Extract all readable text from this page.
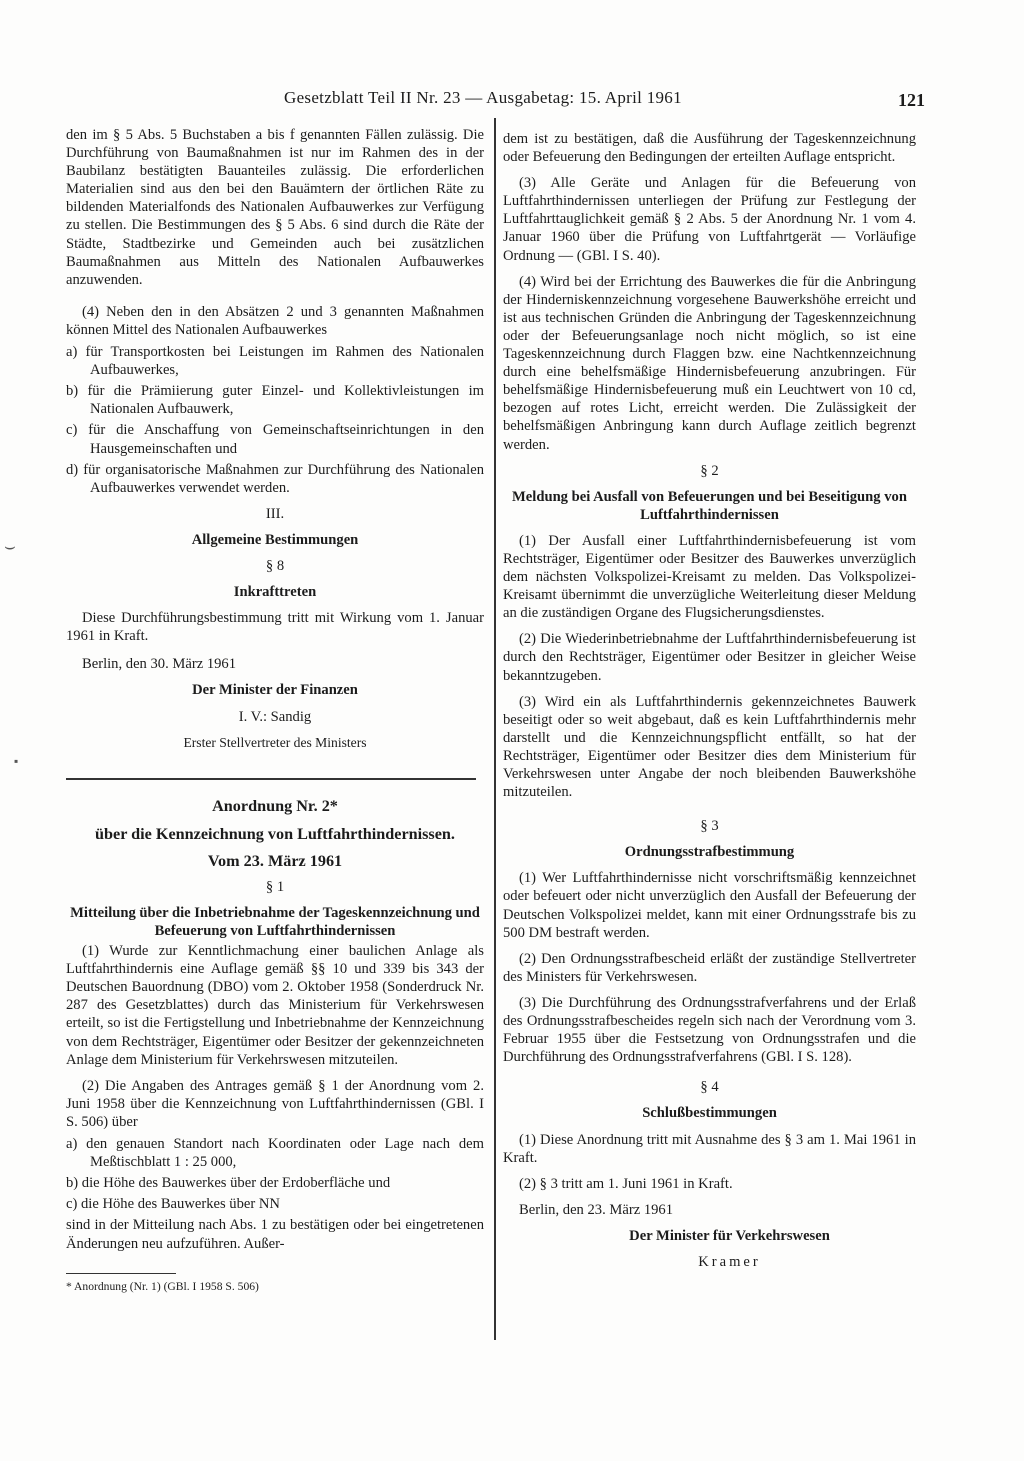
Gesetzblatt Teil II Nr. 23 — Ausgabetag: 15. April 1961	121
⌣
▪

den im § 5 Abs. 5 Buchstaben a bis f genannten Fällen zulässig. Die Durchführung von Baumaßnahmen ist nur im Rahmen des in der Baubilanz bestätigten Bauanteiles zulässig. Die erforderlichen Materialien sind aus den bei den Bauämtern der örtlichen Räte zu bildenden Materialfonds des Nationalen Aufbauwerkes zur Verfügung zu stellen. Die Bestimmungen des § 5 Abs. 6 sind durch die Räte der Städte, Stadtbezirke und Gemeinden auch bei zusätzlichen Baumaßnahmen aus Mitteln des Nationalen Aufbauwerkes anzuwenden.

(4) Neben den in den Absätzen 2 und 3 genannten Maßnahmen können Mittel des Nationalen Aufbauwerkes

a) für Transportkosten bei Leistungen im Rahmen des Nationalen Aufbauwerkes,
b) für die Prämiierung guter Einzel- und Kollektivleistungen im Nationalen Aufbauwerk,
c) für die Anschaffung von Gemeinschaftseinrichtungen in den Hausgemeinschaften und
d) für organisatorische Maßnahmen zur Durchführung des Nationalen Aufbauwerkes verwendet werden.

III.

Allgemeine Bestimmungen

§ 8

Inkrafttreten

Diese Durchführungsbestimmung tritt mit Wirkung vom 1. Januar 1961 in Kraft.

Berlin, den 30. März 1961

Der Minister der Finanzen

I. V.: Sandig

Erster Stellvertreter des Ministers

Anordnung Nr. 2*

über die Kennzeichnung von Luftfahrthindernissen.

Vom 23. März 1961

§ 1

Mitteilung über die Inbetriebnahme der Tageskennzeichnung und Befeuerung von Luftfahrthindernissen

(1) Wurde zur Kenntlichmachung einer baulichen Anlage als Luftfahrthindernis eine Auflage gemäß §§ 10 und 339 bis 343 der Deutschen Bauordnung (DBO) vom 2. Oktober 1958 (Sonderdruck Nr. 287 des Gesetzblattes) durch das Ministerium für Verkehrswesen erteilt, so ist die Fertigstellung und Inbetriebnahme der Kennzeichnung von dem Rechtsträger, Eigentümer oder Besitzer der gekennzeichneten Anlage dem Ministerium für Verkehrswesen mitzuteilen.

(2) Die Angaben des Antrages gemäß § 1 der Anordnung vom 2. Juni 1958 über die Kennzeichnung von Luftfahrthindernissen (GBl. I S. 506) über

a) den genauen Standort nach Koordinaten oder Lage nach dem Meßtischblatt 1 : 25 000,
b) die Höhe des Bauwerkes über der Erdoberfläche und
c) die Höhe des Bauwerkes über NN

sind in der Mitteilung nach Abs. 1 zu bestätigen oder bei eingetretenen Änderungen neu aufzuführen. Außer-

* Anordnung (Nr. 1) (GBl. I 1958 S. 506)

dem ist zu bestätigen, daß die Ausführung der Tageskennzeichnung oder Befeuerung den Bedingungen der erteilten Auflage entspricht.

(3) Alle Geräte und Anlagen für die Befeuerung von Luftfahrthindernissen unterliegen der Prüfung zur Festlegung der Luftfahrttauglichkeit gemäß § 2 Abs. 5 der Anordnung Nr. 1 vom 4. Januar 1960 über die Prüfung von Luftfahrtgerät — Vorläufige Ordnung — (GBl. I S. 40).

(4) Wird bei der Errichtung des Bauwerkes die für die Anbringung der Hinderniskennzeichnung vorgesehene Bauwerkshöhe erreicht und ist aus technischen Gründen die Anbringung der Tageskennzeichnung oder der Befeuerungsanlage noch nicht möglich, so ist eine Tageskennzeichnung durch Flaggen bzw. eine Nachtkennzeichnung durch eine behelfsmäßige Hindernisbefeuerung anzubringen. Für behelfsmäßige Hindernisbefeuerung muß ein Leuchtwert von 10 cd, bezogen auf rotes Licht, erreicht werden. Die Zulässigkeit der behelfsmäßigen Anbringung kann durch Auflage zeitlich begrenzt werden.

§ 2

Meldung bei Ausfall von Befeuerungen und bei Beseitigung von Luftfahrthindernissen

(1) Der Ausfall einer Luftfahrthindernisbefeuerung ist vom Rechtsträger, Eigentümer oder Besitzer des Bauwerkes unverzüglich dem nächsten Volkspolizei-Kreisamt zu melden. Das Volkspolizei-Kreisamt übernimmt die unverzügliche Weiterleitung dieser Meldung an die zuständigen Organe des Flugsicherungsdienstes.

(2) Die Wiederinbetriebnahme der Luftfahrthindernisbefeuerung ist durch den Rechtsträger, Eigentümer oder Besitzer in gleicher Weise bekanntzugeben.

(3) Wird ein als Luftfahrthindernis gekennzeichnetes Bauwerk beseitigt oder so weit abgebaut, daß es kein Luftfahrthindernis mehr darstellt und die Kennzeichnungspflicht entfällt, so hat der Rechtsträger, Eigentümer oder Besitzer dies dem Ministerium für Verkehrswesen unter Angabe der noch bleibenden Bauwerkshöhe mitzuteilen.

§ 3

Ordnungsstrafbestimmung

(1) Wer Luftfahrthindernisse nicht vorschriftsmäßig kennzeichnet oder befeuert oder nicht unverzüglich den Ausfall der Befeuerung der Deutschen Volkspolizei meldet, kann mit einer Ordnungsstrafe bis zu 500 DM bestraft werden.

(2) Den Ordnungsstrafbescheid erläßt der zuständige Stellvertreter des Ministers für Verkehrswesen.

(3) Die Durchführung des Ordnungsstrafverfahrens und der Erlaß des Ordnungsstrafbescheides regeln sich nach der Verordnung vom 3. Februar 1955 über die Festsetzung von Ordnungsstrafen und die Durchführung des Ordnungsstrafverfahrens (GBl. I S. 128).

§ 4

Schlußbestimmungen

(1) Diese Anordnung tritt mit Ausnahme des § 3 am 1. Mai 1961 in Kraft.

(2) § 3 tritt am 1. Juni 1961 in Kraft.

Berlin, den 23. März 1961

Der Minister für Verkehrswesen

Kramer
